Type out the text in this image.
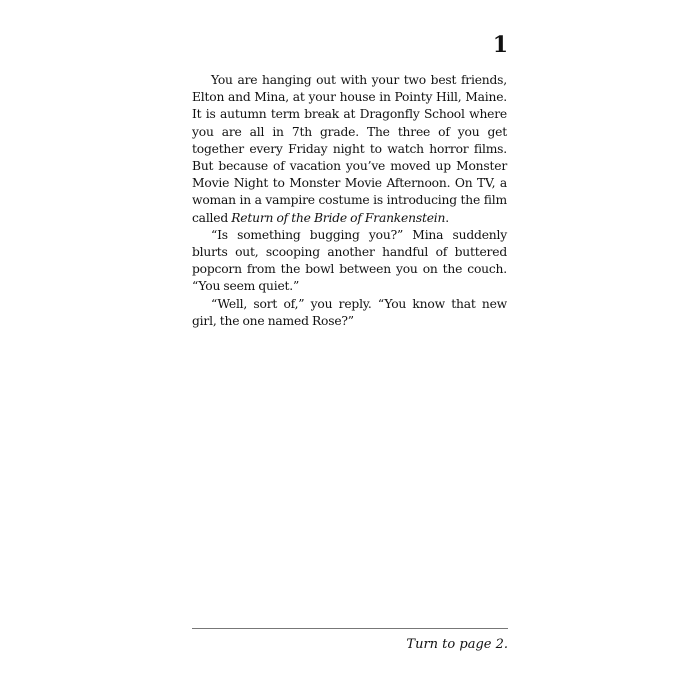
1

You are hanging out with your two best friends, Elton and Mina, at your house in Pointy Hill, Maine. It is autumn term break at Dragonfly School where you are all in 7th grade. The three of you get together every Friday night to watch horror films. But because of vacation you’ve moved up Monster Movie Night to Monster Movie Afternoon. On TV, a woman in a vampire costume is introducing the film called Return of the Bride of Frankenstein.

“Is something bugging you?” Mina suddenly blurts out, scooping another handful of buttered popcorn from the bowl between you on the couch. “You seem quiet.”

“Well, sort of,” you reply. “You know that new girl, the one named Rose?”

Turn to page 2.
